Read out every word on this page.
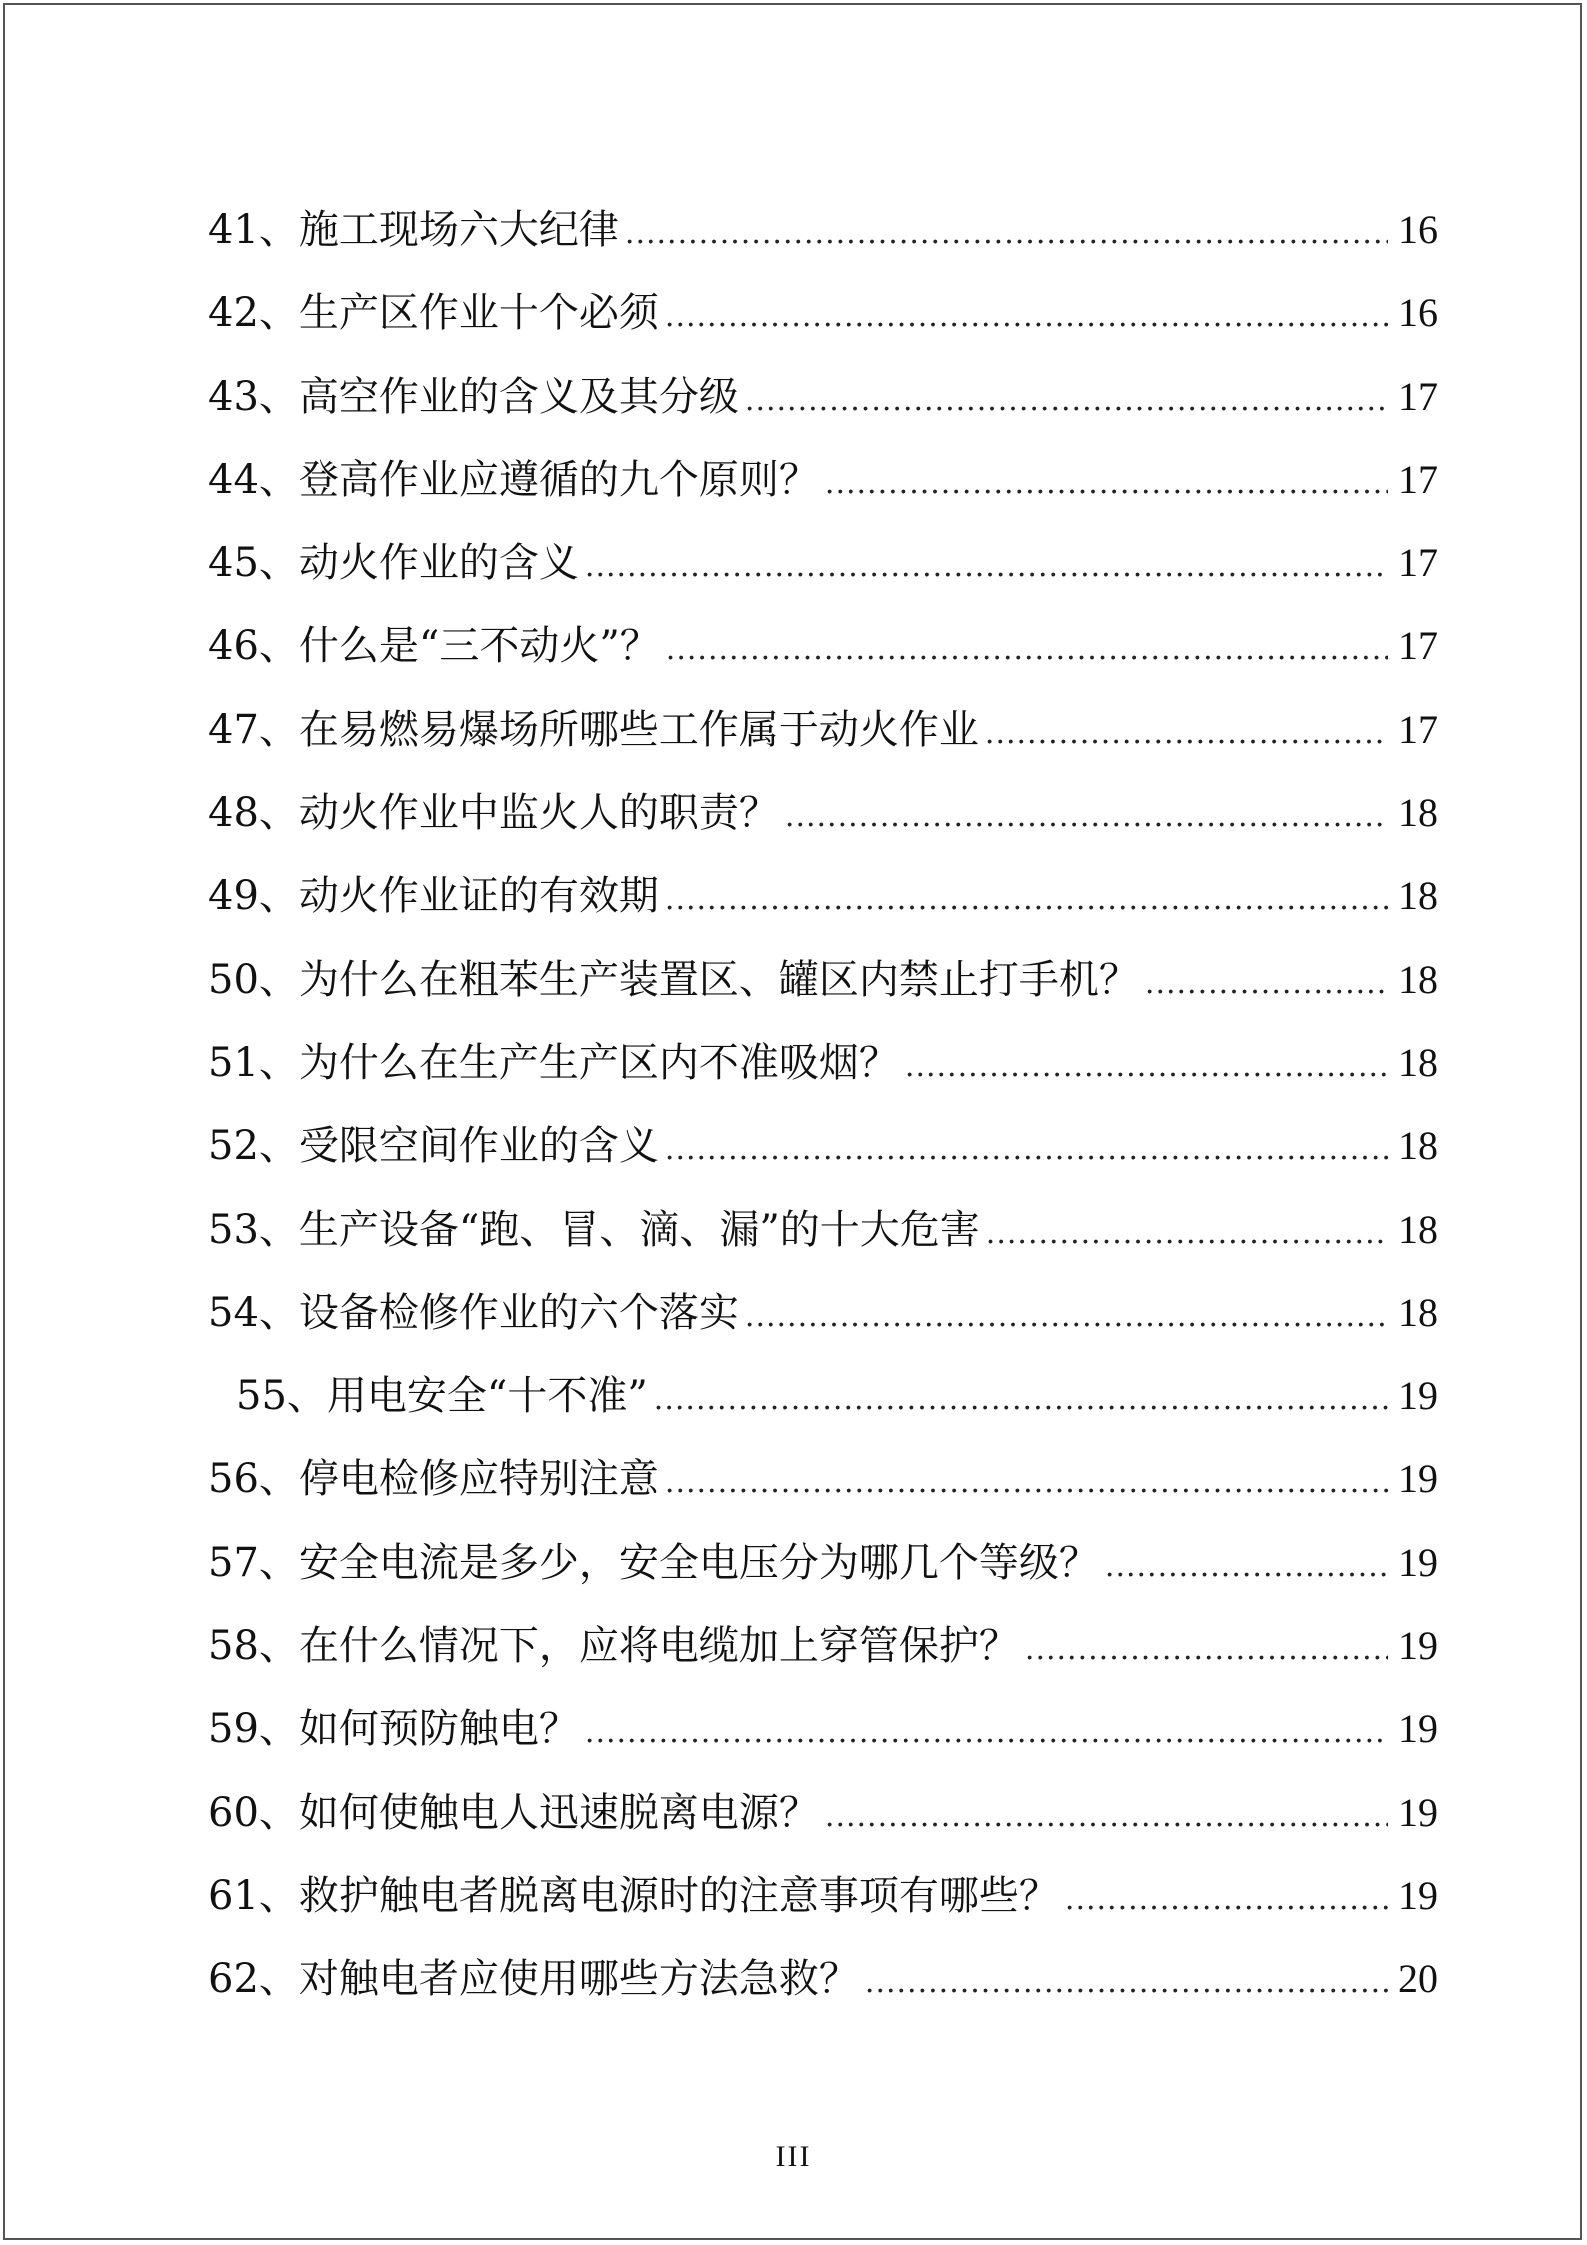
41、施工现场六大纪律 .....	16
42、生产区作业十个必须 .....	16
43、高空作业的含义及其分级 .....	17
44、登高作业应遵循的九个原则？ .....	17
45、动火作业的含义 .....	17
46、什么是“三不动火”？ .....	17
47、在易燃易爆场所哪些工作属于动火作业 .....	17
48、动火作业中监火人的职责？ .....	18
49、动火作业证的有效期 .....	18
50、为什么在粗苯生产装置区、罐区内禁止打手机？ .....	18
51、为什么在生产生产区内不准吸烟？ .....	18
52、受限空间作业的含义 .....	18
53、生产设备“跑、冒、滴、漏”的十大危害 .....	18
54、设备检修作业的六个落实 .....	18
55、用电安全“十不准” .....	19
56、停电检修应特别注意 .....	19
57、安全电流是多少，安全电压分为哪几个等级？ .....	19
58、在什么情况下，应将电缆加上穿管保护？ .....	19
59、如何预防触电？ .....	19
60、如何使触电人迅速脱离电源？ .....	19
61、救护触电者脱离电源时的注意事项有哪些？ .....	19
62、对触电者应使用哪些方法急救？ .....	20
III
